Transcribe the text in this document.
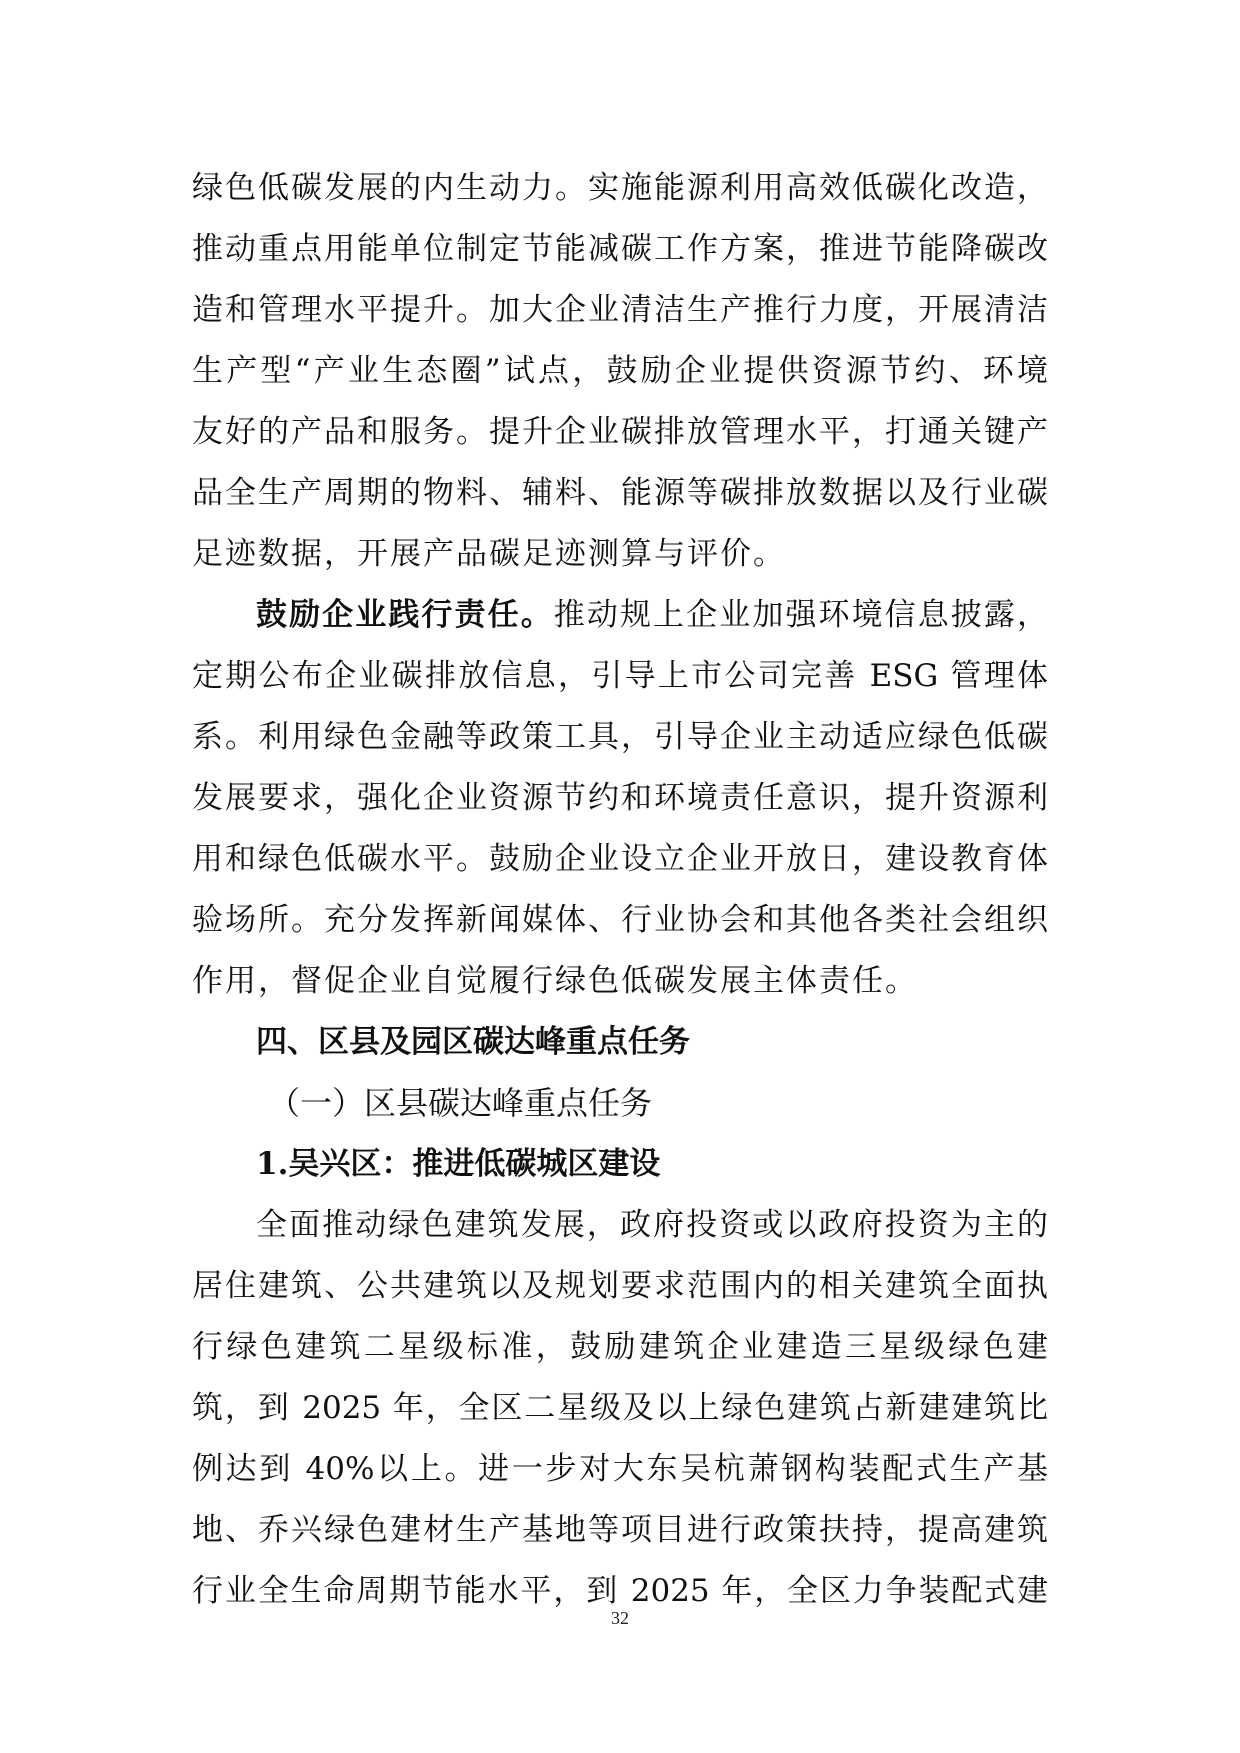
绿色低碳发展的内生动力。实施能源利用高效低碳化改造，
推动重点用能单位制定节能减碳工作方案，推进节能降碳改
造和管理水平提升。加大企业清洁生产推行力度，开展清洁
生产型“产业生态圈”试点，鼓励企业提供资源节约、环境
友好的产品和服务。提升企业碳排放管理水平，打通关键产
品全生产周期的物料、辅料、能源等碳排放数据以及行业碳
足迹数据，开展产品碳足迹测算与评价。
鼓励企业践行责任。推动规上企业加强环境信息披露，
定期公布企业碳排放信息，引导上市公司完善 ESG 管理体
系。利用绿色金融等政策工具，引导企业主动适应绿色低碳
发展要求，强化企业资源节约和环境责任意识，提升资源利
用和绿色低碳水平。鼓励企业设立企业开放日，建设教育体
验场所。充分发挥新闻媒体、行业协会和其他各类社会组织
作用，督促企业自觉履行绿色低碳发展主体责任。
四、区县及园区碳达峰重点任务
（一）区县碳达峰重点任务
1.吴兴区：推进低碳城区建设
全面推动绿色建筑发展，政府投资或以政府投资为主的
居住建筑、公共建筑以及规划要求范围内的相关建筑全面执
行绿色建筑二星级标准，鼓励建筑企业建造三星级绿色建
筑，到 2025 年，全区二星级及以上绿色建筑占新建建筑比
例达到 40%以上。进一步对大东吴杭萧钢构装配式生产基
地、乔兴绿色建材生产基地等项目进行政策扶持，提高建筑
行业全生命周期节能水平，到 2025 年，全区力争装配式建
32
